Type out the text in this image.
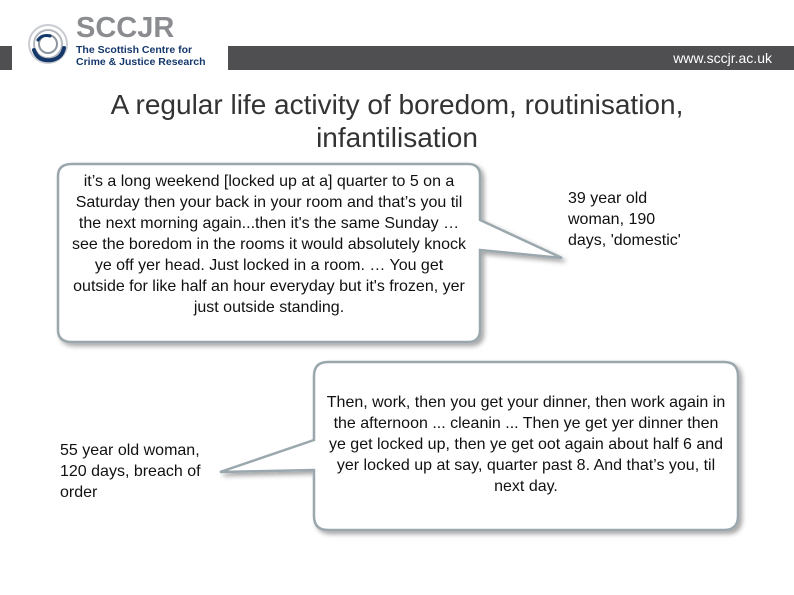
SCCJR
The Scottish Centre for
Crime & Justice Research	www.sccjr.ac.uk
A regular life activity of boredom, routinisation, infantilisation
it’s a long weekend [locked up at a] quarter to 5 on a Saturday then your back in your room and that’s you til the next morning again...then it's the same Sunday … see the boredom in the rooms it would absolutely knock ye off yer head. Just locked in a room. … You get outside for like half an hour everyday but it's frozen, yer just outside standing.
39 year old woman, 190 days, 'domestic'
Then, work, then you get your dinner, then work again in the afternoon ... cleanin ... Then ye get yer dinner then ye get locked up, then ye get oot again about half 6 and yer locked up at say, quarter past 8. And that’s you, til next day.
55 year old woman, 120 days, breach of order
